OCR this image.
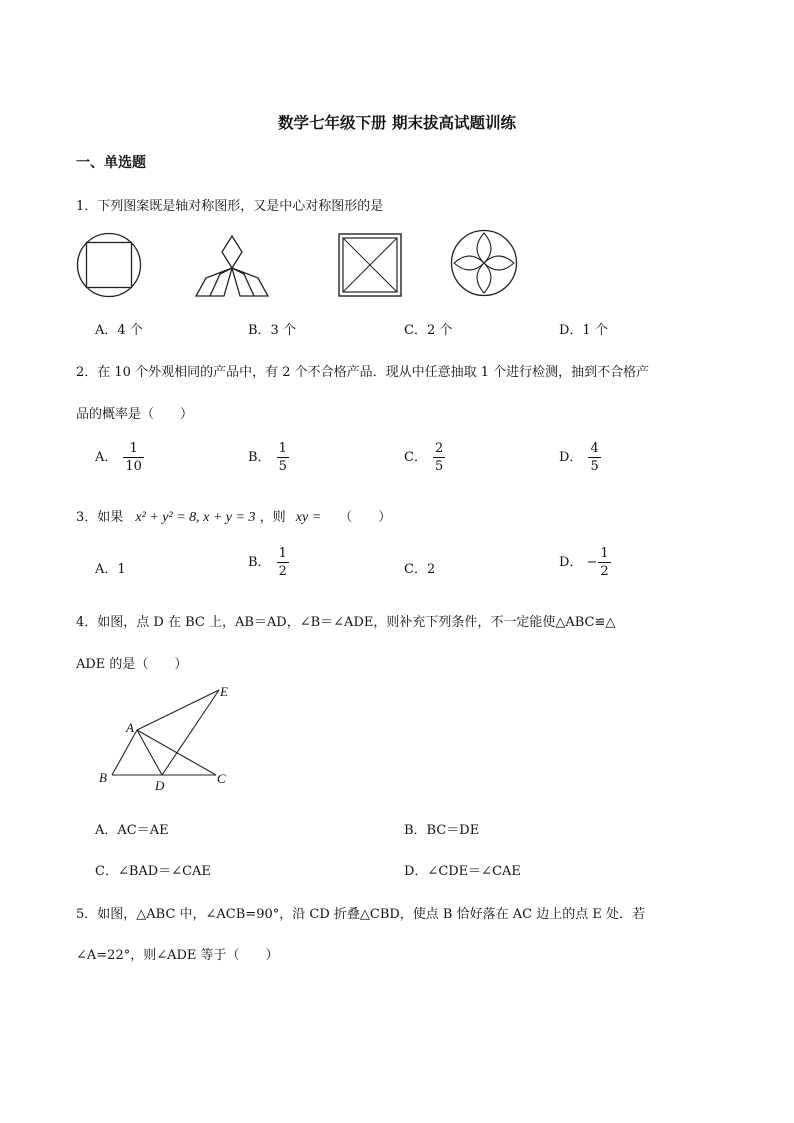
数学七年级下册 期末拔高试题训练
一、单选题
1．下列图案既是轴对称图形，又是中心对称图形的是
A．4 个	B．3 个	C．2 个	D．1 个
2．在 10 个外观相同的产品中，有 2 个不合格产品．现从中任意抽取 1 个进行检测，抽到不合格产
品的概率是（　　）
A． $\frac{1}{10}$	B． $\frac{1}{5}$	C． $\frac{2}{5}$	D． $\frac{4}{5}$
3．如果 x² + y² = 8, x + y = 3 ，则 xy = （　　）
A．1	B． $\frac{1}{2}$	C．2	D． − $\frac{1}{2}$
4．如图，点 D 在 BC 上，AB＝AD，∠B＝∠ADE，则补充下列条件，不一定能使△ABC≌△
ADE 的是（　　）
A
E
B
D	C
A．AC＝AE	B．BC＝DE
C．∠BAD＝∠CAE	D．∠CDE＝∠CAE
5．如图，△ABC 中，∠ACB=90°，沿 CD 折叠△CBD，使点 B 恰好落在 AC 边上的点 E 处．若
∠A=22°，则∠ADE 等于（　　）
